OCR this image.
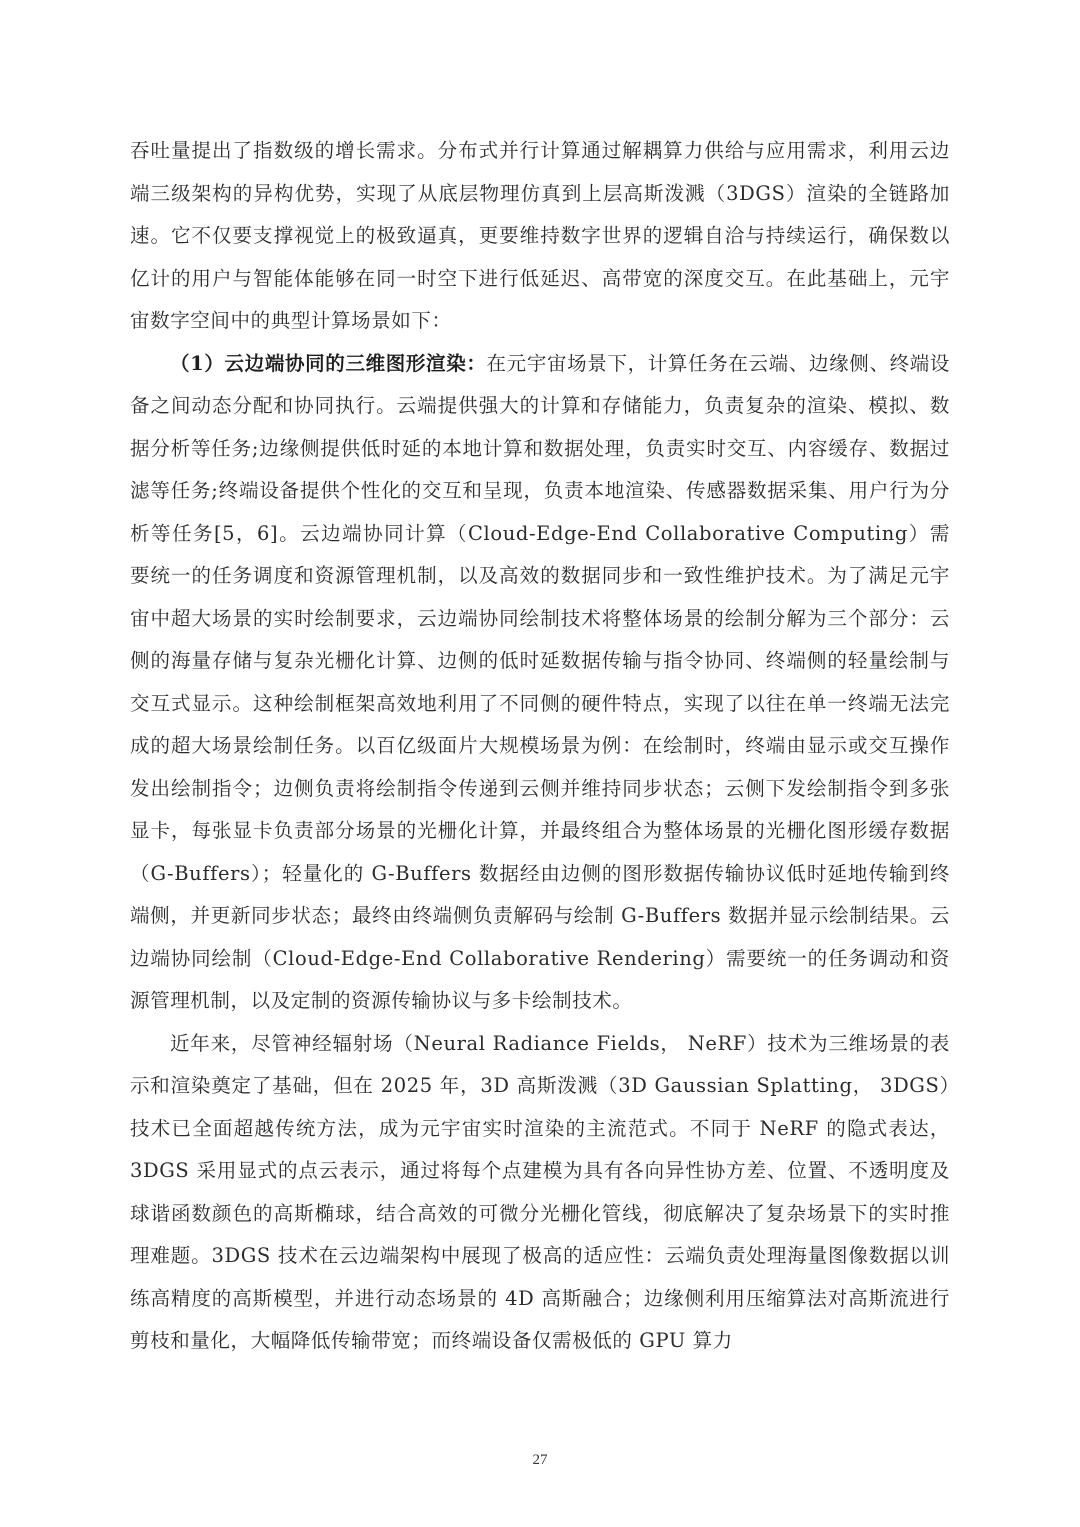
吞吐量提出了指数级的增长需求。分布式并行计算通过解耦算力供给与应用需求，利用云边端三级架构的异构优势，实现了从底层物理仿真到上层高斯泼溅（3DGS）渲染的全链路加速。它不仅要支撑视觉上的极致逼真，更要维持数字世界的逻辑自洽与持续运行，确保数以亿计的用户与智能体能够在同一时空下进行低延迟、高带宽的深度交互。在此基础上，元宇宙数字空间中的典型计算场景如下：

（1）云边端协同的三维图形渲染：在元宇宙场景下，计算任务在云端、边缘侧、终端设备之间动态分配和协同执行。云端提供强大的计算和存储能力，负责复杂的渲染、模拟、数据分析等任务;边缘侧提供低时延的本地计算和数据处理，负责实时交互、内容缓存、数据过滤等任务;终端设备提供个性化的交互和呈现，负责本地渲染、传感器数据采集、用户行为分析等任务[5，6]。云边端协同计算（Cloud-Edge-End Collaborative Computing）需要统一的任务调度和资源管理机制，以及高效的数据同步和一致性维护技术。为了满足元宇宙中超大场景的实时绘制要求，云边端协同绘制技术将整体场景的绘制分解为三个部分：云侧的海量存储与复杂光栅化计算、边侧的低时延数据传输与指令协同、终端侧的轻量绘制与交互式显示。这种绘制框架高效地利用了不同侧的硬件特点，实现了以往在单一终端无法完成的超大场景绘制任务。以百亿级面片大规模场景为例：在绘制时，终端由显示或交互操作发出绘制指令；边侧负责将绘制指令传递到云侧并维持同步状态；云侧下发绘制指令到多张显卡，每张显卡负责部分场景的光栅化计算，并最终组合为整体场景的光栅化图形缓存数据（G-Buffers）；轻量化的 G-Buffers 数据经由边侧的图形数据传输协议低时延地传输到终端侧，并更新同步状态；最终由终端侧负责解码与绘制 G-Buffers 数据并显示绘制结果。云边端协同绘制（Cloud-Edge-End Collaborative Rendering）需要统一的任务调动和资源管理机制，以及定制的资源传输协议与多卡绘制技术。

近年来，尽管神经辐射场（Neural Radiance Fields， NeRF）技术为三维场景的表示和渲染奠定了基础，但在 2025 年，3D 高斯泼溅（3D Gaussian Splatting， 3DGS）技术已全面超越传统方法，成为元宇宙实时渲染的主流范式。不同于 NeRF 的隐式表达，3DGS 采用显式的点云表示，通过将每个点建模为具有各向异性协方差、位置、不透明度及球谐函数颜色的高斯椭球，结合高效的可微分光栅化管线，彻底解决了复杂场景下的实时推理难题。3DGS 技术在云边端架构中展现了极高的适应性：云端负责处理海量图像数据以训练高精度的高斯模型，并进行动态场景的 4D 高斯融合；边缘侧利用压缩算法对高斯流进行剪枝和量化，大幅降低传输带宽；而终端设备仅需极低的 GPU 算力

27
